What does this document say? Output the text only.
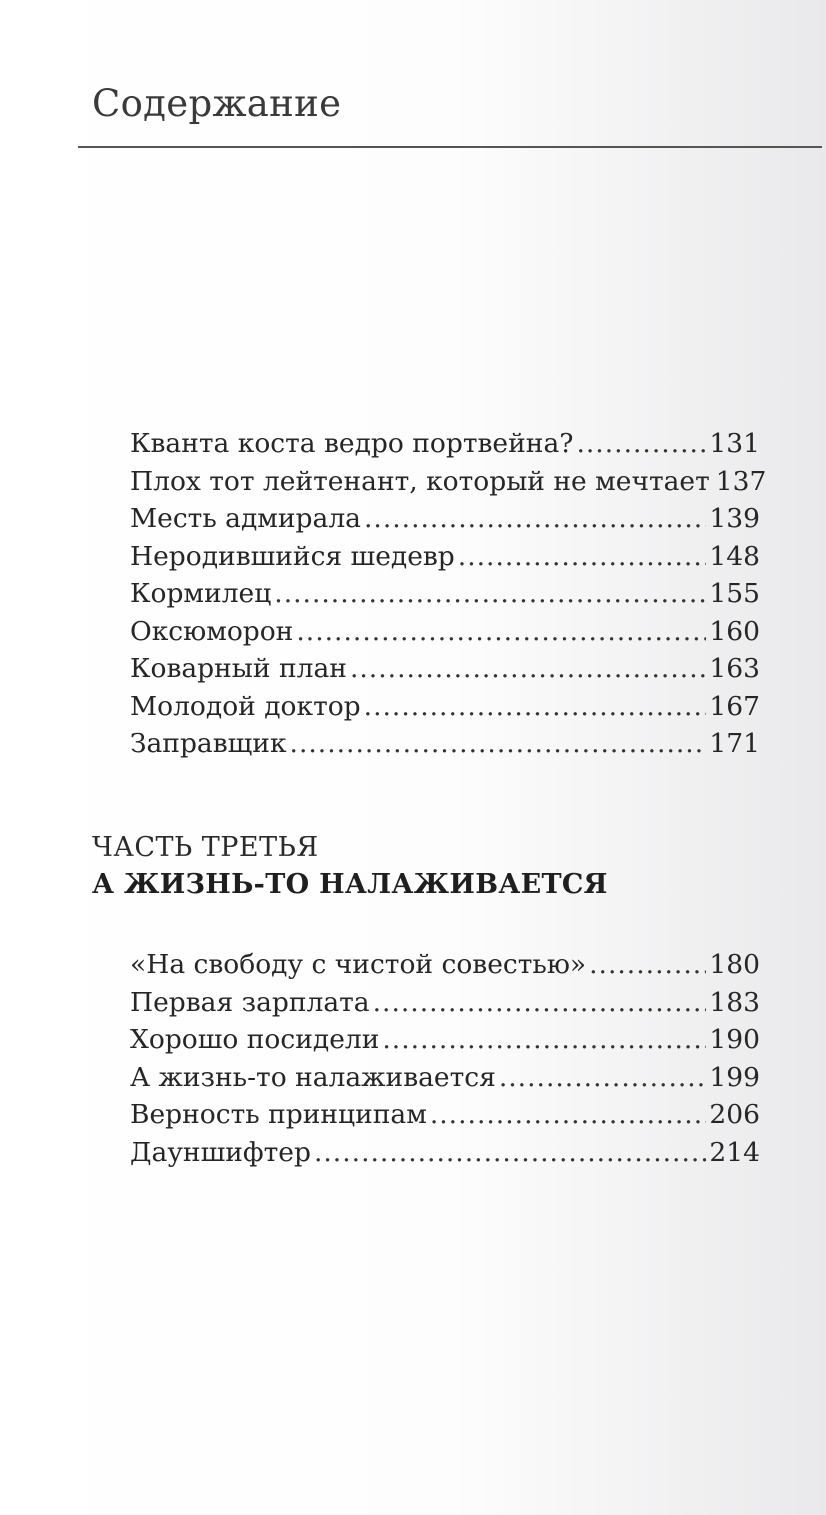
Содержание
Кванта коста ведро портвейна? .....	131
Плох тот лейтенант, который не мечтает 137
Месть адмирала .....	139
Неродившийся шедевр .....	148
Кормилец .....	155
Оксюморон .....	160
Коварный план .....	163
Молодой доктор .....	167
Заправщик .....	171
ЧАСТЬ ТРЕТЬЯ
А ЖИЗНЬ-ТО НАЛАЖИВАЕТСЯ
«На свободу с чистой совестью» .....	180
Первая зарплата .....	183
Хорошо посидели .....	190
А жизнь-то налаживается .....	199
Верность принципам .....	206
Дауншифтер .....	214
